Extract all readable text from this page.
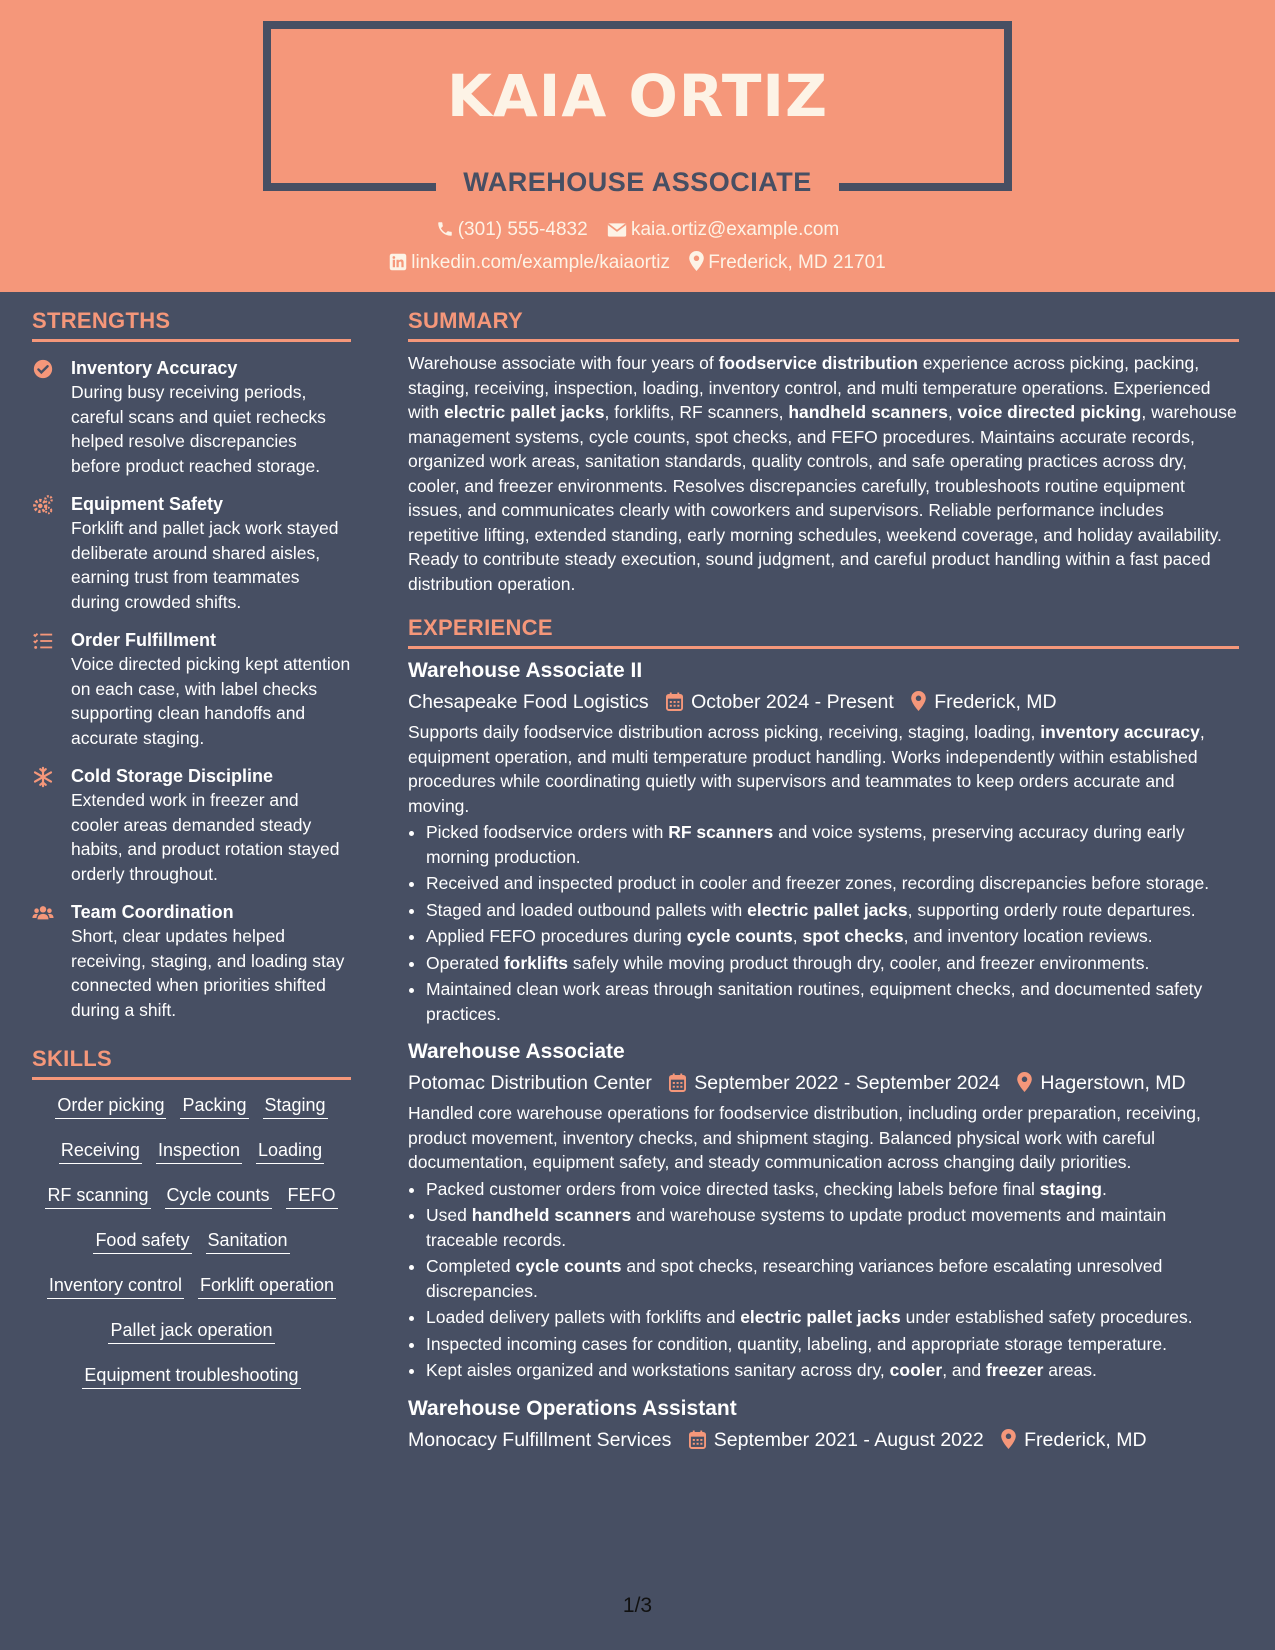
KAIA ORTIZ
WAREHOUSE ASSOCIATE
(301) 555-4832 kaia.ortiz@example.com
linkedin.com/example/kaiaortiz Frederick, MD 21701
STRENGTHS
Inventory Accuracy
During busy receiving periods, careful scans and quiet rechecks helped resolve discrepancies before product reached storage.
Equipment Safety
Forklift and pallet jack work stayed deliberate around shared aisles, earning trust from teammates during crowded shifts.
Order Fulfillment
Voice directed picking kept attention on each case, with label checks supporting clean handoffs and accurate staging.
Cold Storage Discipline
Extended work in freezer and cooler areas demanded steady habits, and product rotation stayed orderly throughout.
Team Coordination
Short, clear updates helped receiving, staging, and loading stay connected when priorities shifted during a shift.
SKILLS
Order picking Packing Staging
Receiving Inspection Loading
RF scanning Cycle counts FEFO
Food safety Sanitation
Inventory control Forklift operation
Pallet jack operation
Equipment troubleshooting
SUMMARY

Warehouse associate with four years of foodservice distribution experience across picking, packing, staging, receiving, inspection, loading, inventory control, and multi temperature operations. Experienced with electric pallet jacks, forklifts, RF scanners, handheld scanners, voice directed picking, warehouse management systems, cycle counts, spot checks, and FEFO procedures. Maintains accurate records, organized work areas, sanitation standards, quality controls, and safe operating practices across dry, cooler, and freezer environments. Resolves discrepancies carefully, troubleshoots routine equipment issues, and communicates clearly with coworkers and supervisors. Reliable performance includes repetitive lifting, extended standing, early morning schedules, weekend coverage, and holiday availability. Ready to contribute steady execution, sound judgment, and careful product handling within a fast paced distribution operation.

EXPERIENCE
Warehouse Associate II
Chesapeake Food Logistics October 2024 - Present Frederick, MD

Supports daily foodservice distribution across picking, receiving, staging, loading, inventory accuracy, equipment operation, and multi temperature product handling. Works independently within established procedures while coordinating quietly with supervisors and teammates to keep orders accurate and moving.

• Picked foodservice orders with RF scanners and voice systems, preserving accuracy during early morning production.
• Received and inspected product in cooler and freezer zones, recording discrepancies before storage.
• Staged and loaded outbound pallets with electric pallet jacks, supporting orderly route departures.
• Applied FEFO procedures during cycle counts, spot checks, and inventory location reviews.
• Operated forklifts safely while moving product through dry, cooler, and freezer environments.
• Maintained clean work areas through sanitation routines, equipment checks, and documented safety practices.
Warehouse Associate
Potomac Distribution Center September 2022 - September 2024 Hagerstown, MD

Handled core warehouse operations for foodservice distribution, including order preparation, receiving, product movement, inventory checks, and shipment staging. Balanced physical work with careful documentation, equipment safety, and steady communication across changing daily priorities.

• Packed customer orders from voice directed tasks, checking labels before final staging.
• Used handheld scanners and warehouse systems to update product movements and maintain traceable records.
• Completed cycle counts and spot checks, researching variances before escalating unresolved discrepancies.
• Loaded delivery pallets with forklifts and electric pallet jacks under established safety procedures.
• Inspected incoming cases for condition, quantity, labeling, and appropriate storage temperature.
• Kept aisles organized and workstations sanitary across dry, cooler, and freezer areas.
Warehouse Operations Assistant
Monocacy Fulfillment Services September 2021 - August 2022 Frederick, MD
1/3
